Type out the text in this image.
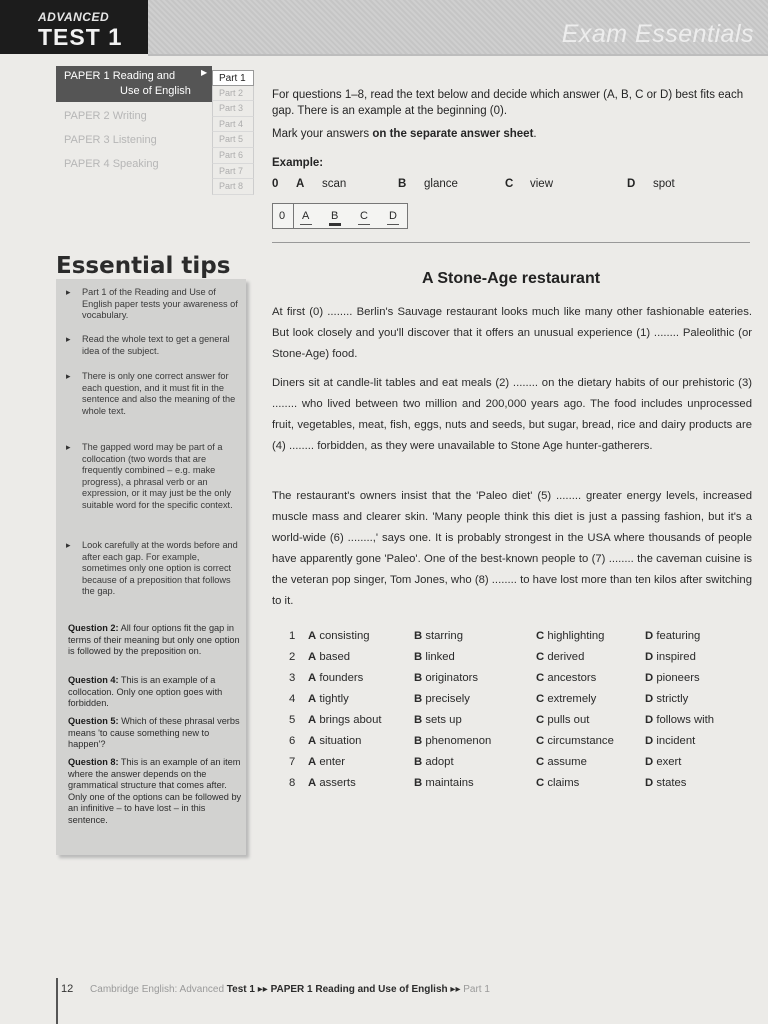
ADVANCED
TEST 1	Exam Essentials
PAPER 1 Reading and
Use of English
▶
PAPER 2 Writing
PAPER 3 Listening
PAPER 4 Speaking
Part 1
Part 2
Part 3
Part 4
Part 5
Part 6
Part 7
Part 8
Essential tips
▸ Part 1 of the Reading and Use of English paper tests your awareness of vocabulary.
▸ Read the whole text to get a general idea of the subject.
▸ There is only one correct answer for each question, and it must fit in the sentence and also the meaning of the whole text.
▸ The gapped word may be part of a collocation (two words that are frequently combined – e.g. make progress), a phrasal verb or an expression, or it may just be the only suitable word for the specific context.
▸ Look carefully at the words before and after each gap. For example, sometimes only one option is correct because of a preposition that follows the gap.
Question 2: All four options fit the gap in terms of their meaning but only one option is followed by the preposition on.
Question 4: This is an example of a collocation. Only one option goes with forbidden.
Question 5: Which of these phrasal verbs means 'to cause something new to happen'?
Question 8: This is an example of an item where the answer depends on the grammatical structure that comes after. Only one of the options can be followed by an infinitive – to have lost – in this sentence.
For questions 1–8, read the text below and decide which answer (A, B, C or D) best fits each gap. There is an example at the beginning (0).
Mark your answers on the separate answer sheet.
Example:
0 A scan	B glance	C view	D spot
0 A B C D
A Stone-Age restaurant
At first (0) ........ Berlin's Sauvage restaurant looks much like many other fashionable eateries. But look closely and you'll discover that it offers an unusual experience (1) ........ Paleolithic (or Stone-Age) food.
Diners sit at candle-lit tables and eat meals (2) ........ on the dietary habits of our prehistoric (3) ........ who lived between two million and 200,000 years ago. The food includes unprocessed fruit, vegetables, meat, fish, eggs, nuts and seeds, but sugar, bread, rice and dairy products are (4) ........ forbidden, as they were unavailable to Stone Age hunter-gatherers.
The restaurant's owners insist that the 'Paleo diet' (5) ........ greater energy levels, increased muscle mass and clearer skin. 'Many people think this diet is just a passing fashion, but it's a world-wide (6) ........,' says one. It is probably strongest in the USA where thousands of people have apparently gone 'Paleo'. One of the best-known people to (7) ........ the caveman cuisine is the veteran pop singer, Tom Jones, who (8) ........ to have lost more than ten kilos after switching to it.
1 A consisting	B starring	C highlighting	D featuring
2 A based	B linked	C derived	D inspired
3 A founders	B originators	C ancestors	D pioneers
4 A tightly	B precisely	C extremely	D strictly
5 A brings about	B sets up	C pulls out	D follows with
6 A situation	B phenomenon	C circumstance	D incident
7 A enter	B adopt	C assume	D exert
8 A asserts	B maintains	C claims	D states
12 Cambridge English: Advanced Test 1 ▸▸ PAPER 1 Reading and Use of English ▸▸ Part 1
